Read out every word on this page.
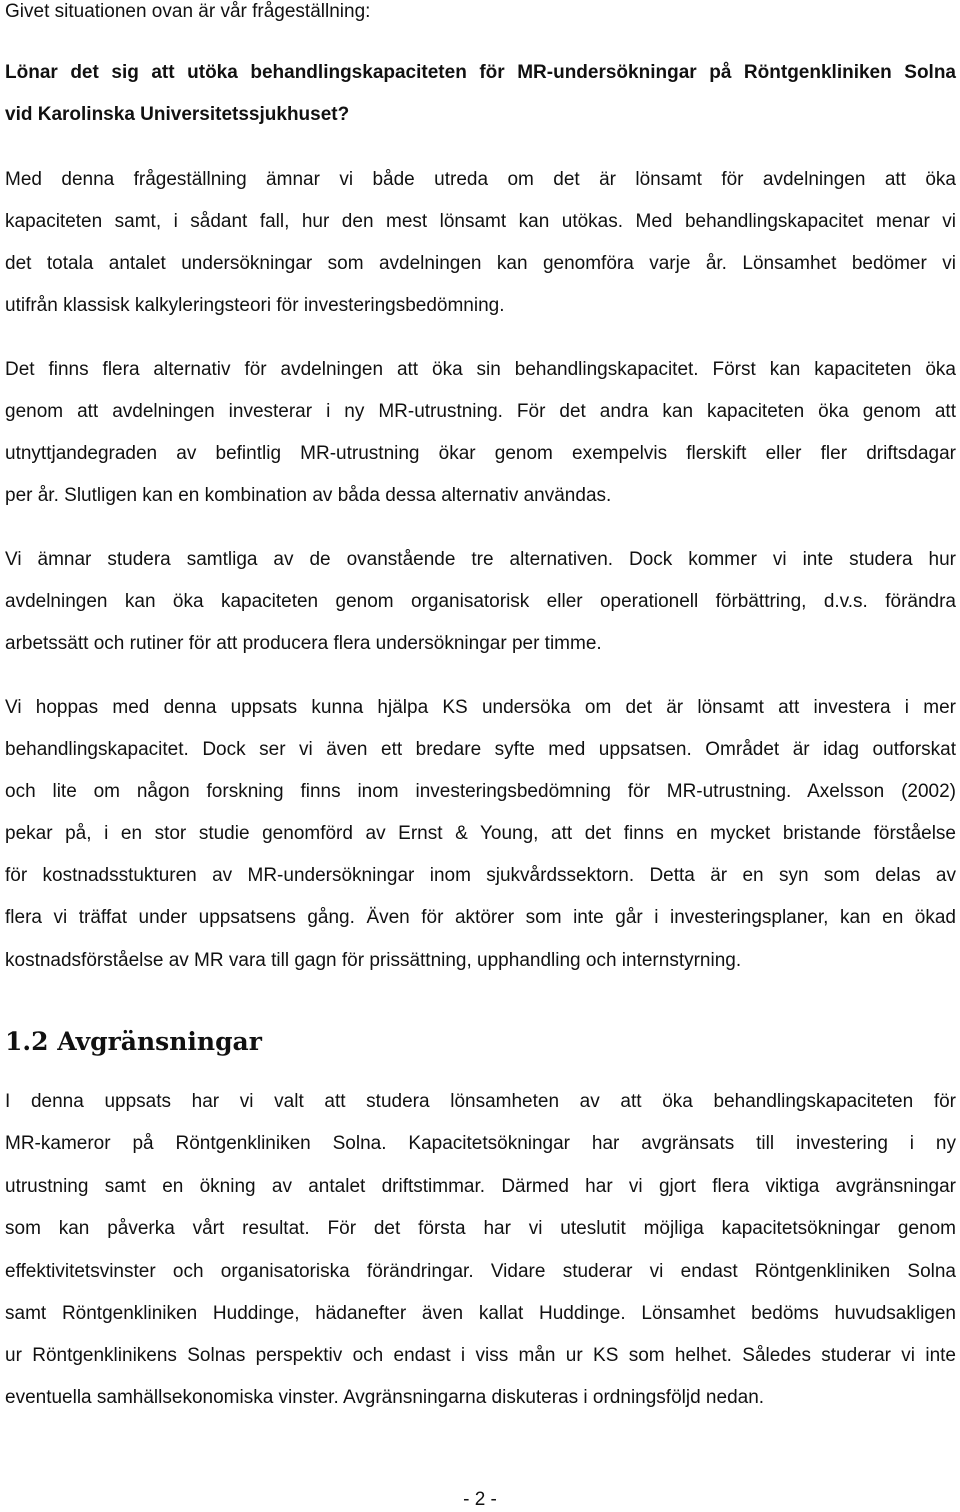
Givet situationen ovan är vår frågeställning:
Lönar det sig att utöka behandlingskapaciteten för MR-undersökningar på Röntgenkliniken Solna
vid Karolinska Universitetssjukhuset?
Med denna frågeställning ämnar vi både utreda om det är lönsamt för avdelningen att öka
kapaciteten samt, i sådant fall, hur den mest lönsamt kan utökas. Med behandlingskapacitet menar vi
det totala antalet undersökningar som avdelningen kan genomföra varje år. Lönsamhet bedömer vi
utifrån klassisk kalkyleringsteori för investeringsbedömning.
Det finns flera alternativ för avdelningen att öka sin behandlingskapacitet. Först kan kapaciteten öka
genom att avdelningen investerar i ny MR-utrustning. För det andra kan kapaciteten öka genom att
utnyttjandegraden av befintlig MR-utrustning ökar genom exempelvis flerskift eller fler driftsdagar
per år. Slutligen kan en kombination av båda dessa alternativ användas.
Vi ämnar studera samtliga av de ovanstående tre alternativen. Dock kommer vi inte studera hur
avdelningen kan öka kapaciteten genom organisatorisk eller operationell förbättring, d.v.s. förändra
arbetssätt och rutiner för att producera flera undersökningar per timme.
Vi hoppas med denna uppsats kunna hjälpa KS undersöka om det är lönsamt att investera i mer
behandlingskapacitet. Dock ser vi även ett bredare syfte med uppsatsen. Området är idag outforskat
och lite om någon forskning finns inom investeringsbedömning för MR-utrustning. Axelsson (2002)
pekar på, i en stor studie genomförd av Ernst & Young, att det finns en mycket bristande förståelse
för kostnadsstukturen av MR-undersökningar inom sjukvårdssektorn. Detta är en syn som delas av
flera vi träffat under uppsatsens gång. Även för aktörer som inte går i investeringsplaner, kan en ökad
kostnadsförståelse av MR vara till gagn för prissättning, upphandling och internstyrning.
1.2 Avgränsningar
I denna uppsats har vi valt att studera lönsamheten av att öka behandlingskapaciteten för
MR-kameror på Röntgenkliniken Solna. Kapacitetsökningar har avgränsats till investering i ny
utrustning samt en ökning av antalet driftstimmar. Därmed har vi gjort flera viktiga avgränsningar
som kan påverka vårt resultat. För det första har vi uteslutit möjliga kapacitetsökningar genom
effektivitetsvinster och organisatoriska förändringar. Vidare studerar vi endast Röntgenkliniken Solna
samt Röntgenkliniken Huddinge, hädanefter även kallat Huddinge. Lönsamhet bedöms huvudsakligen
ur Röntgenklinikens Solnas perspektiv och endast i viss mån ur KS som helhet. Således studerar vi inte
eventuella samhällsekonomiska vinster. Avgränsningarna diskuteras i ordningsföljd nedan.
- 2 -
